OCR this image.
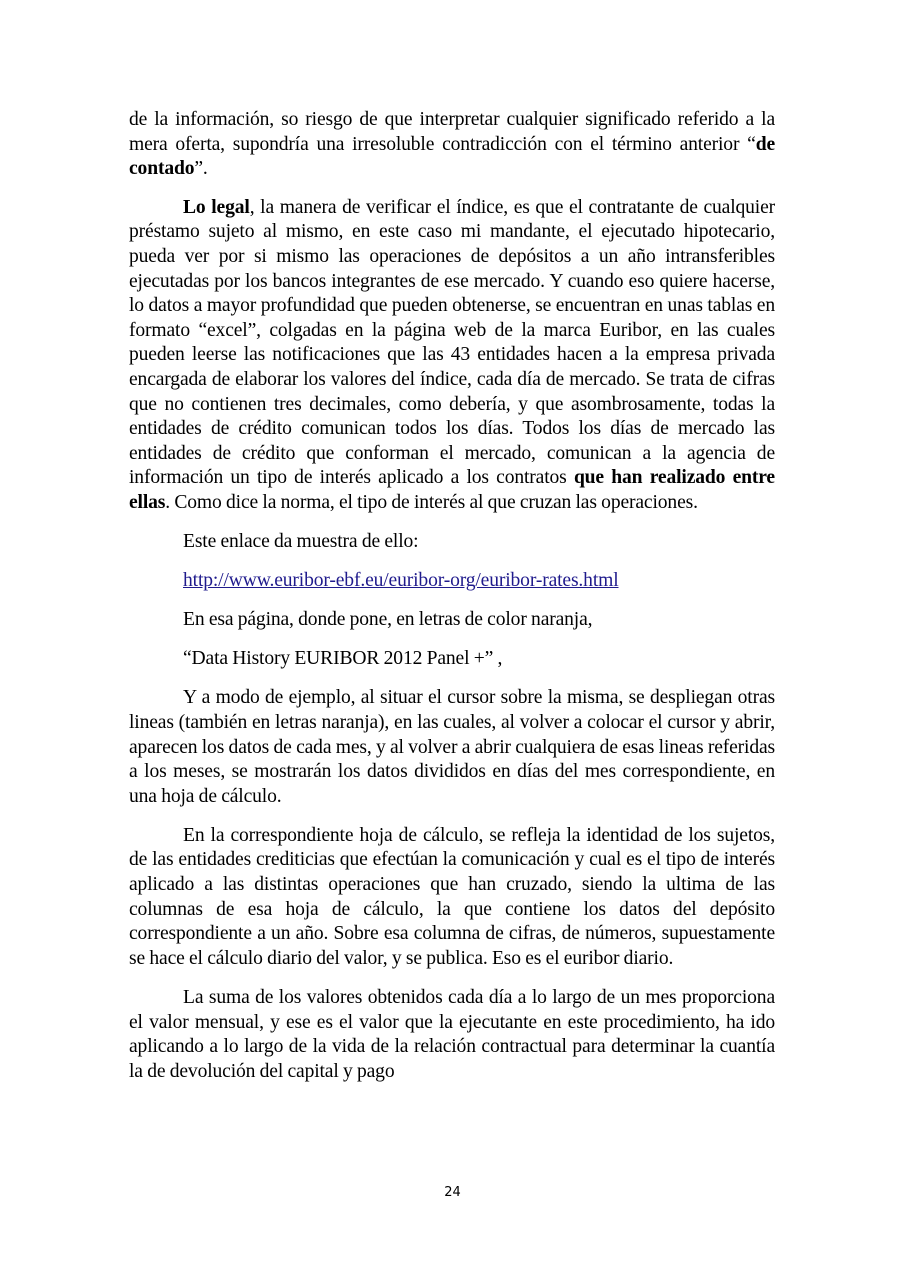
de la información, so riesgo de que interpretar cualquier significado referido a la mera oferta, supondría una irresoluble contradicción con el término anterior “de contado”.

Lo legal, la manera de verificar el índice, es que el contratante de cualquier préstamo sujeto al mismo, en este caso mi mandante, el ejecutado hipotecario, pueda ver por si mismo las operaciones de depósitos a un año intransferibles ejecutadas por los bancos integrantes de ese mercado. Y cuando eso quiere hacerse, lo datos a mayor profundidad que pueden obtenerse, se encuentran en unas tablas en formato “excel”, colgadas en la página web de la marca Euribor, en las cuales pueden leerse las notificaciones que las 43 entidades hacen a la empresa privada encargada de elaborar los valores del índice, cada día de mercado. Se trata de cifras que no contienen tres decimales, como debería, y que asombrosamente, todas la entidades de crédito comunican todos los días. Todos los días de mercado las entidades de crédito que conforman el mercado, comunican a la agencia de información un tipo de interés aplicado a los contratos que han realizado entre ellas. Como dice la norma, el tipo de interés al que cruzan las operaciones.

Este enlace da muestra de ello:

http://www.euribor-ebf.eu/euribor-org/euribor-rates.html

En esa página, donde pone, en letras de color naranja,

“Data History EURIBOR 2012 Panel +” ,

Y a modo de ejemplo, al situar el cursor sobre la misma, se despliegan otras lineas (también en letras naranja), en las cuales, al volver a colocar el cursor y abrir, aparecen los datos de cada mes, y al volver a abrir cualquiera de esas lineas referidas a los meses, se mostrarán los datos divididos en días del mes correspondiente, en una hoja de cálculo.

En la correspondiente hoja de cálculo, se refleja la identidad de los sujetos, de las entidades crediticias que efectúan la comunicación y cual es el tipo de interés aplicado a las distintas operaciones que han cruzado, siendo la ultima de las columnas de esa hoja de cálculo, la que contiene los datos del depósito correspondiente a un año. Sobre esa columna de cifras, de números, supuestamente se hace el cálculo diario del valor, y se publica. Eso es el euribor diario.

La suma de los valores obtenidos cada día a lo largo de un mes proporciona el valor mensual, y ese es el valor que la ejecutante en este procedimiento, ha ido aplicando a lo largo de la vida de la relación contractual para determinar la cuantía la de devolución del capital y pago

24
